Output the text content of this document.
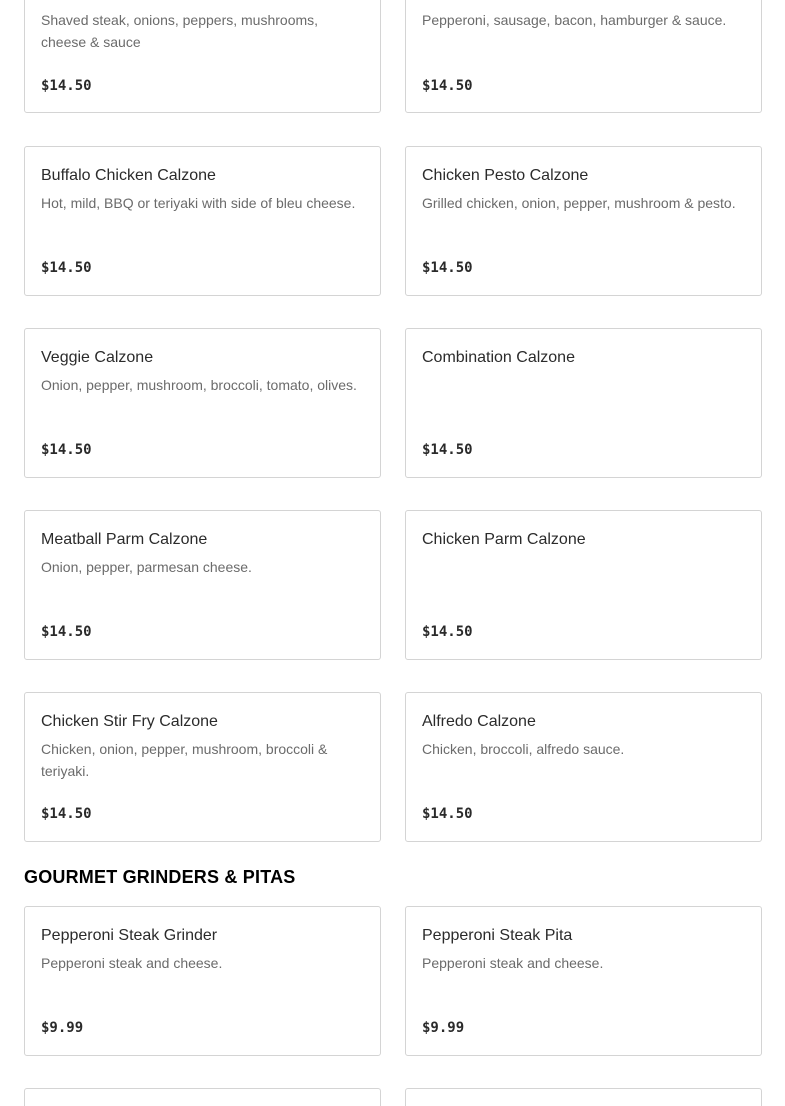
Shaved steak, onions, peppers, mushrooms, cheese & sauce
$14.50
Pepperoni, sausage, bacon, hamburger & sauce.
$14.50
Buffalo Chicken Calzone
Hot, mild, BBQ or teriyaki with side of bleu cheese.
$14.50
Chicken Pesto Calzone
Grilled chicken, onion, pepper, mushroom & pesto.
$14.50
Veggie Calzone
Onion, pepper, mushroom, broccoli, tomato, olives.
$14.50
Combination Calzone
$14.50
Meatball Parm Calzone
Onion, pepper, parmesan cheese.
$14.50
Chicken Parm Calzone
$14.50
Chicken Stir Fry Calzone
Chicken, onion, pepper, mushroom, broccoli & teriyaki.
$14.50
Alfredo Calzone
Chicken, broccoli, alfredo sauce.
$14.50
GOURMET GRINDERS & PITAS
Pepperoni Steak Grinder
Pepperoni steak and cheese.
$9.99
Pepperoni Steak Pita
Pepperoni steak and cheese.
$9.99
